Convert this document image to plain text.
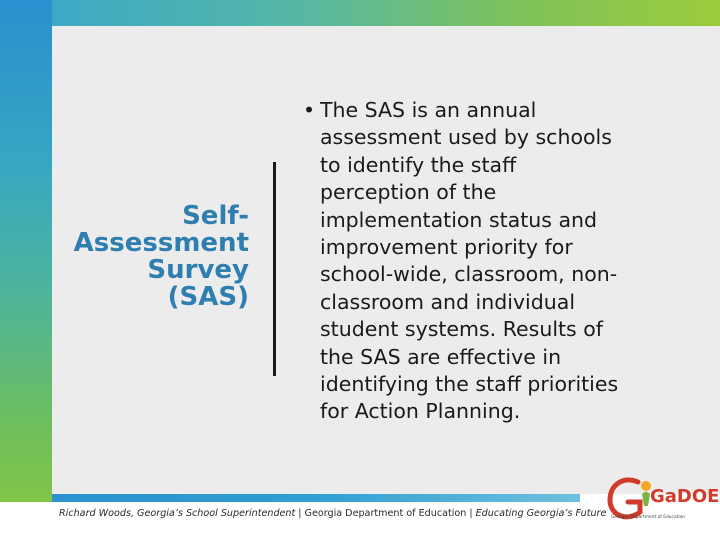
Self-
Assessment
Survey
(SAS)
• The SAS is an annual
assessment used by schools
to identify the staff
perception of the
implementation status and
improvement priority for
school-wide, classroom, non-
classroom and individual
student systems. Results of
the SAS are effective in
identifying the staff priorities
for Action Planning.
Richard Woods, Georgia’s School Superintendent | Georgia Department of Education | Educating Georgia’s Future
GaDOE
Georgia Department of Education
